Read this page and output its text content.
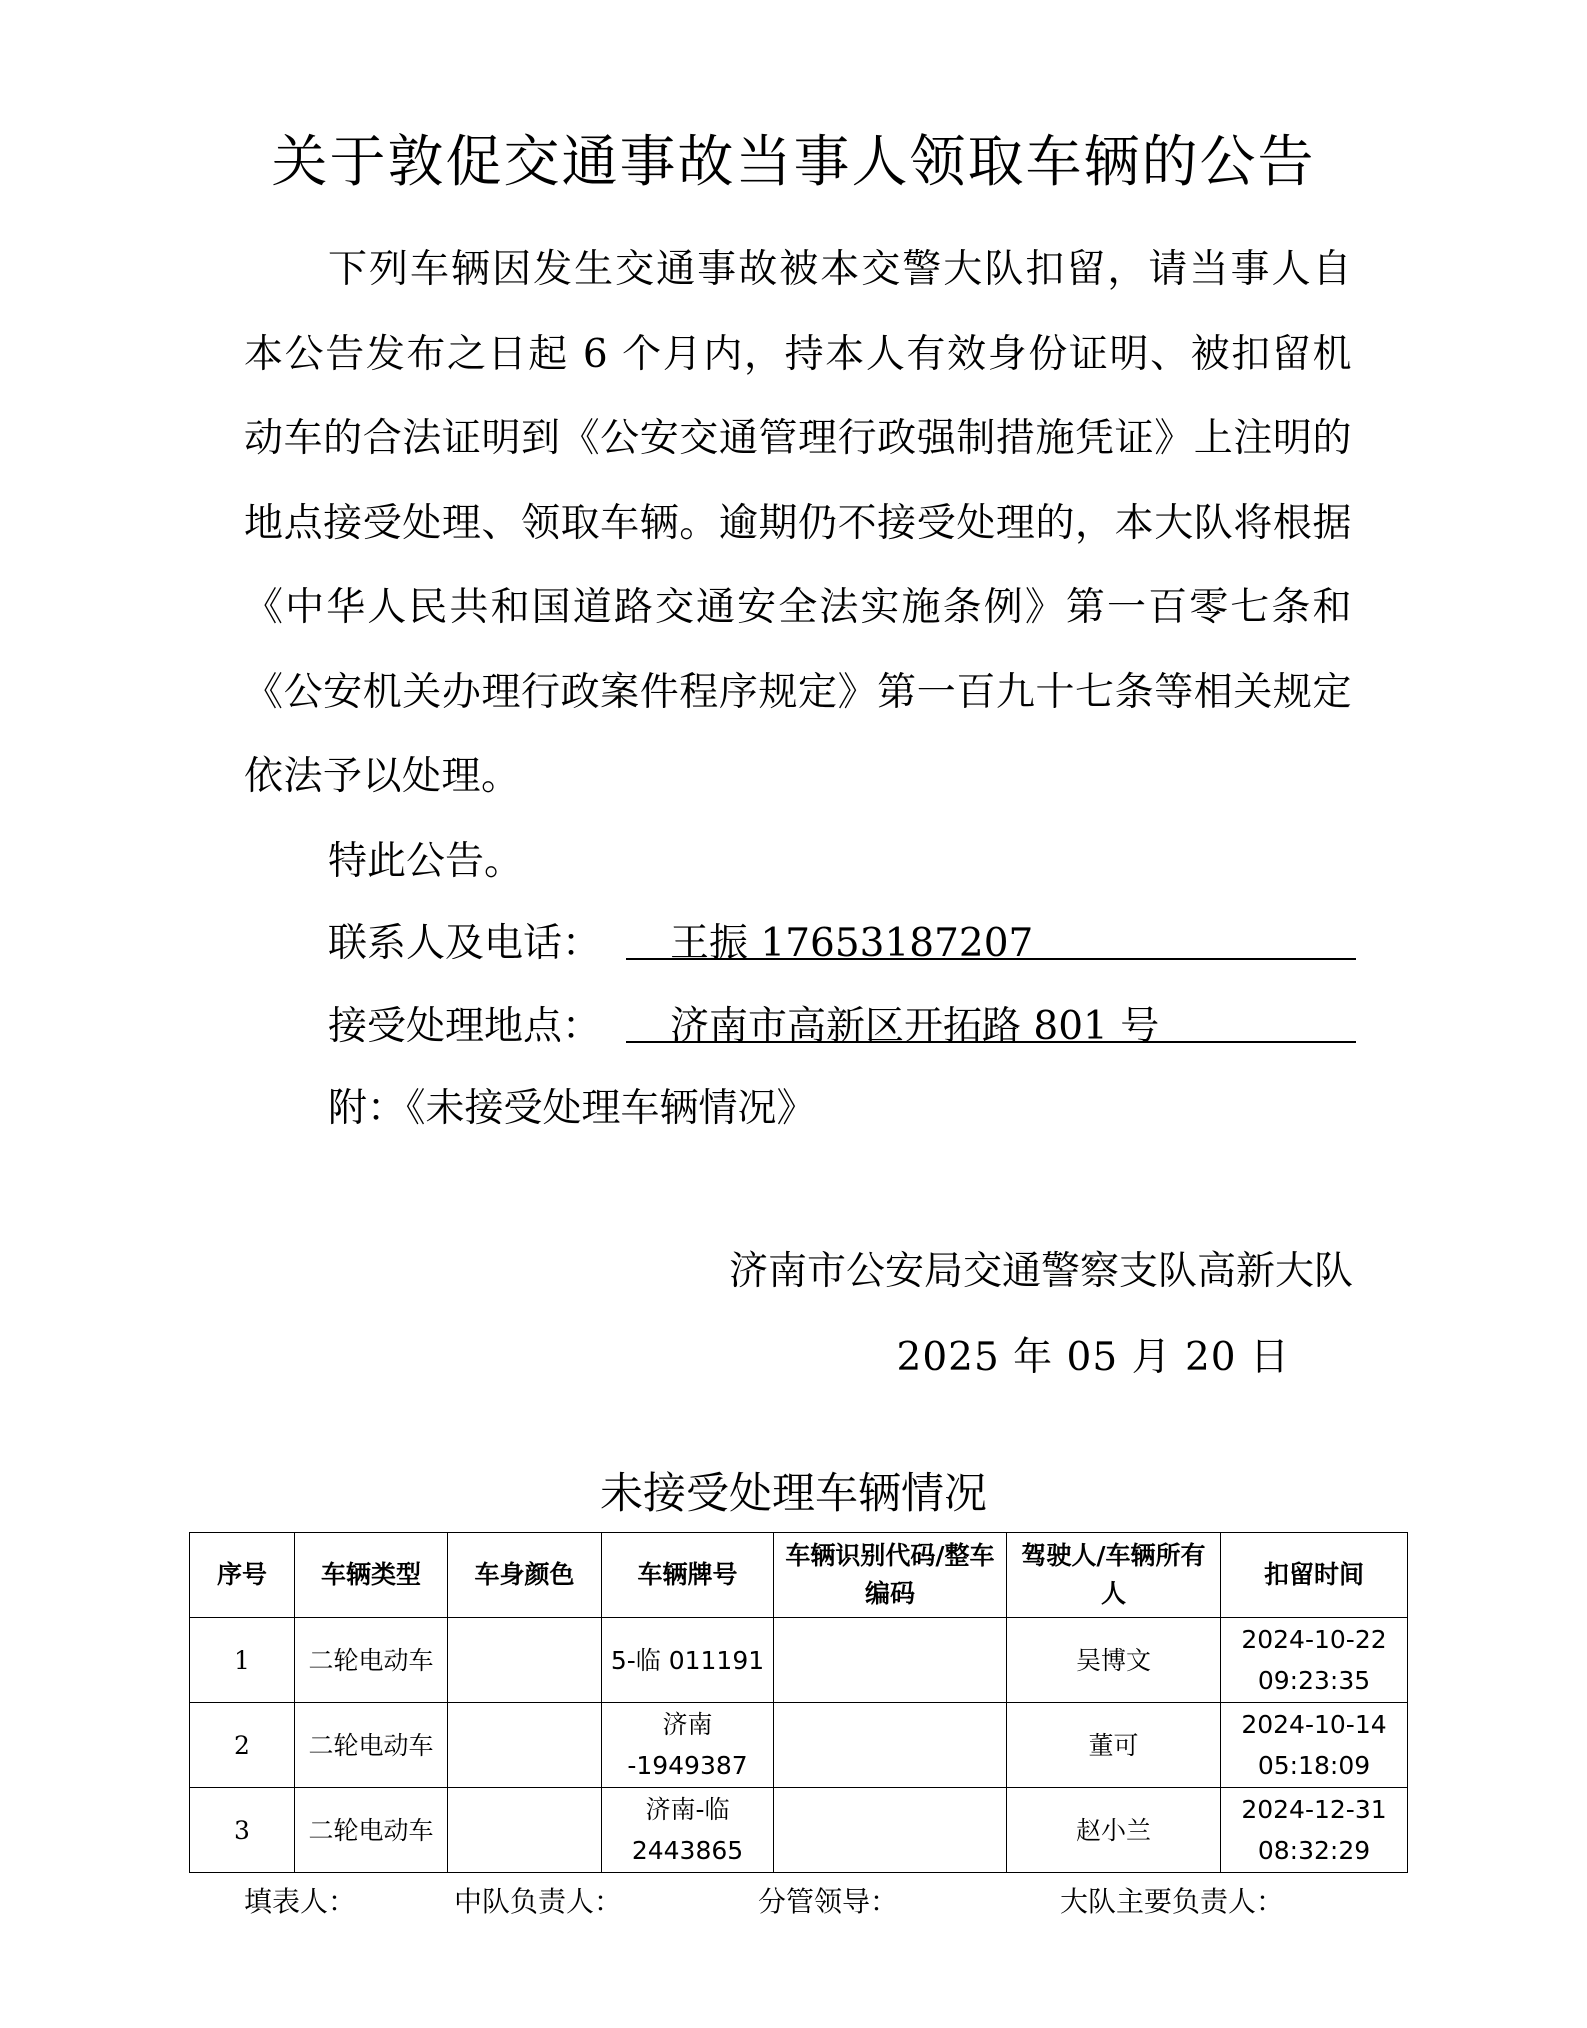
关于敦促交通事故当事人领取车辆的公告

下列车辆因发生交通事故被本交警大队扣留，请当事人自本公告发布之日起 6 个月内，持本人有效身份证明、被扣留机动车的合法证明到《公安交通管理行政强制措施凭证》上注明的地点接受处理、领取车辆。逾期仍不接受处理的，本大队将根据《中华人民共和国道路交通安全法实施条例》第一百零七条和《公安机关办理行政案件程序规定》第一百九十七条等相关规定依法予以处理。

特此公告。
联系人及电话：	王振 17653187207
接受处理地点：	济南市高新区开拓路 801 号
附：《未接受处理车辆情况》
济南市公安局交通警察支队高新大队
2025 年 05 月 20 日
未接受处理车辆情况
序号	车辆类型	车身颜色	车辆牌号	车辆识别代码/整车编码	驾驶人/车辆所有人	扣留时间
1	二轮电动车		5-临 011191		吴博文	2024-10-22 09:23:35
2	二轮电动车		济南 -1949387		董可	2024-10-14 05:18:09
3	二轮电动车		济南-临 2443865		赵小兰	2024-12-31 08:32:29
填表人：	中队负责人：	分管领导：	大队主要负责人：
